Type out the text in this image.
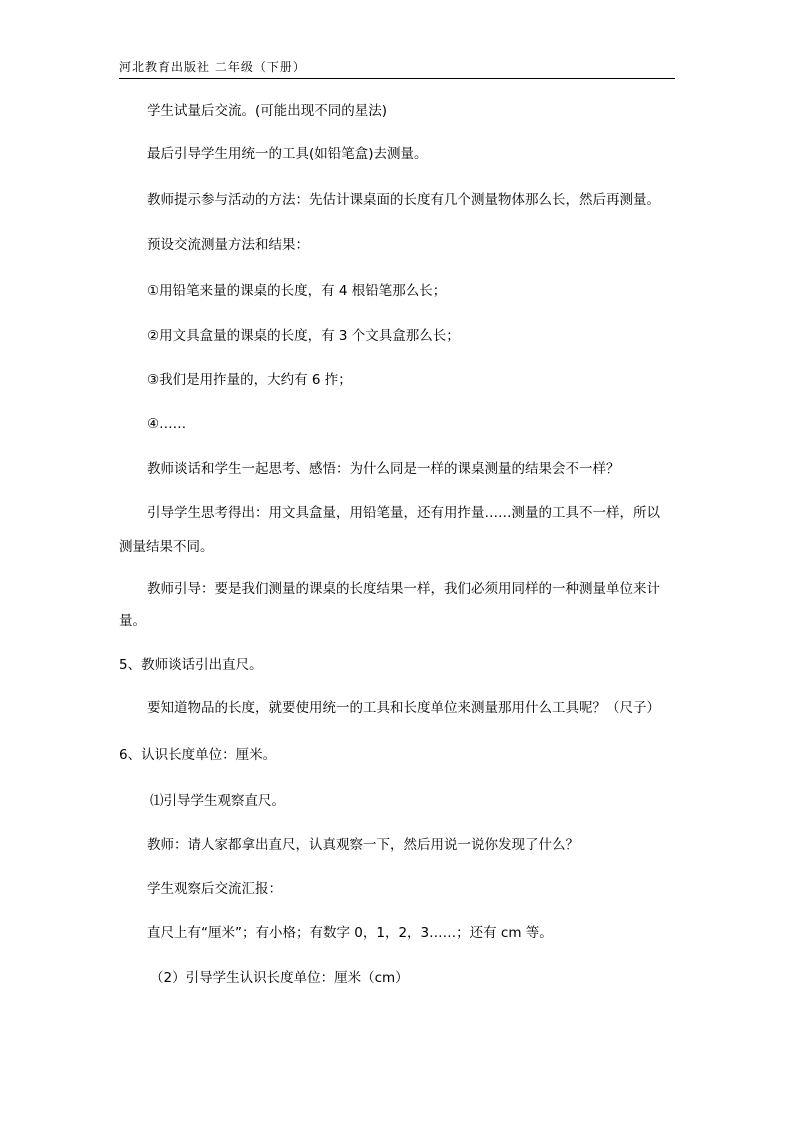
河北教育出版社 二年级（下册）
学生试量后交流。(可能出现不同的星法)
最后引导学生用统一的工具(如铅笔盒)去测量。
教师提示参与活动的方法：先估计课桌面的长度有几个测量物体那么长，然后再测量。
预设交流测量方法和结果：
①用铅笔来量的课桌的长度，有 4 根铅笔那么长；
②用文具盒量的课桌的长度，有 3 个文具盒那么长；
③我们是用拃量的，大约有 6 拃；
④……
教师谈话和学生一起思考、感悟：为什么同是一样的课桌测量的结果会不一样？
引导学生思考得出：用文具盒量，用铅笔量，还有用拃量……测量的工具不一样，所以
测量结果不同。
教师引导：要是我们测量的课桌的长度结果一样，我们必须用同样的一种测量单位来计
量。
5、教师谈话引出直尺。
要知道物品的长度，就要使用统一的工具和长度单位来测量那用什么工具呢？（尺子）
6、认识长度单位：厘米。
⑴引导学生观察直尺。
教师：请人家都拿出直尺，认真观察一下，然后用说一说你发现了什么？
学生观察后交流汇报：
直尺上有“厘米”；有小格；有数字 0，1，2，3……；还有 cm 等。
（2）引导学生认识长度单位：厘米（cm）
